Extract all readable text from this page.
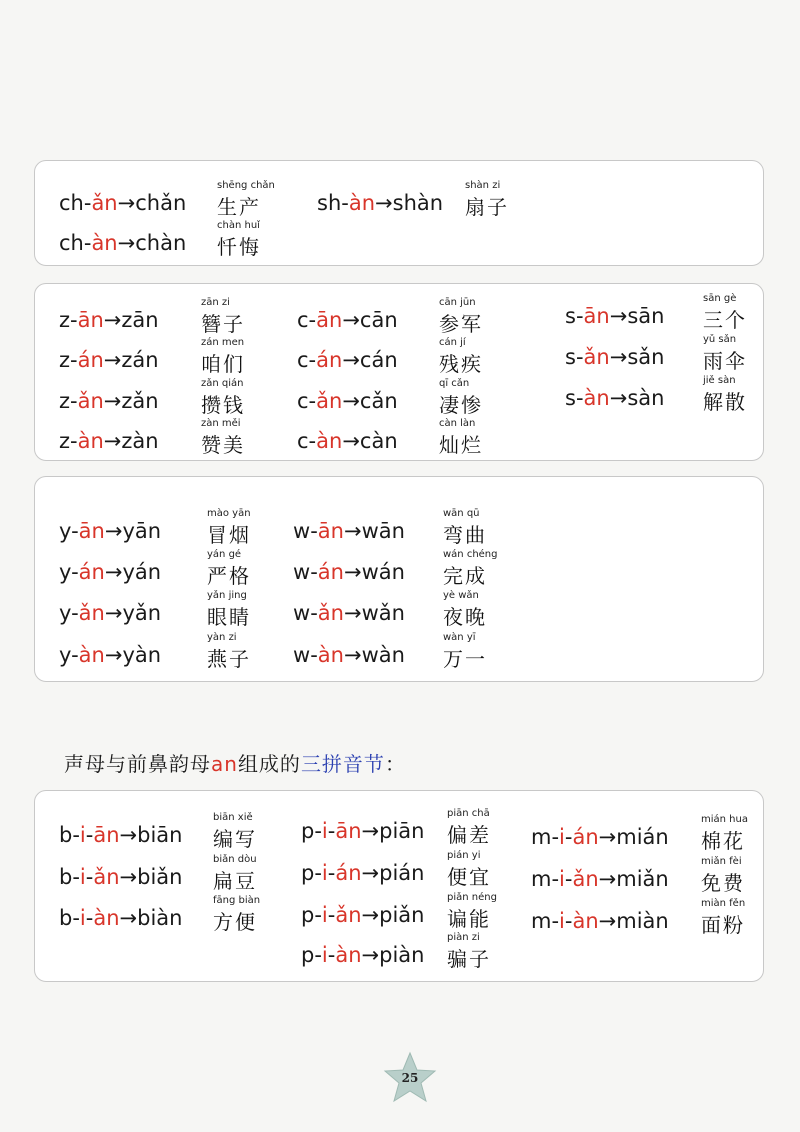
ch-ǎn→chǎn
shēng chǎn
生产
ch-àn→chàn
chàn huǐ
忏悔
sh-àn→shàn
shàn zi
扇子
z-ān→zān
zān zi
簪子
z-án→zán
zán men
咱们
z-ǎn→zǎn
zǎn qián
攒钱
z-àn→zàn
zàn měi
赞美
c-ān→cān
cān jūn
参军
c-án→cán
cán jí
残疾
c-ǎn→cǎn
qī cǎn
凄惨
c-àn→càn
càn làn
灿烂
s-ān→sān
sān gè
三个
s-ǎn→sǎn
yǔ sǎn
雨伞
s-àn→sàn
jiě sàn
解散
y-ān→yān
mào yān
冒烟
y-án→yán
yán gé
严格
y-ǎn→yǎn
yǎn jing
眼睛
y-àn→yàn
yàn zi
燕子
w-ān→wān
wān qū
弯曲
w-án→wán
wán chéng
完成
w-ǎn→wǎn
yè wǎn
夜晚
w-àn→wàn
wàn yī
万一
声母与前鼻韵母an组成的三拼音节：
b-i-ān→biān
biān xiě
编写
b-i-ǎn→biǎn
biǎn dòu
扁豆
b-i-àn→biàn
fāng biàn
方便
p-i-ān→piān
piān chā
偏差
p-i-án→pián
pián yi
便宜
p-i-ǎn→piǎn
piǎn néng
谝能
p-i-àn→piàn
piàn zi
骗子
m-i-án→mián
mián hua
棉花
m-i-ǎn→miǎn
miǎn fèi
免费
m-i-àn→miàn
miàn fěn
面粉
25
